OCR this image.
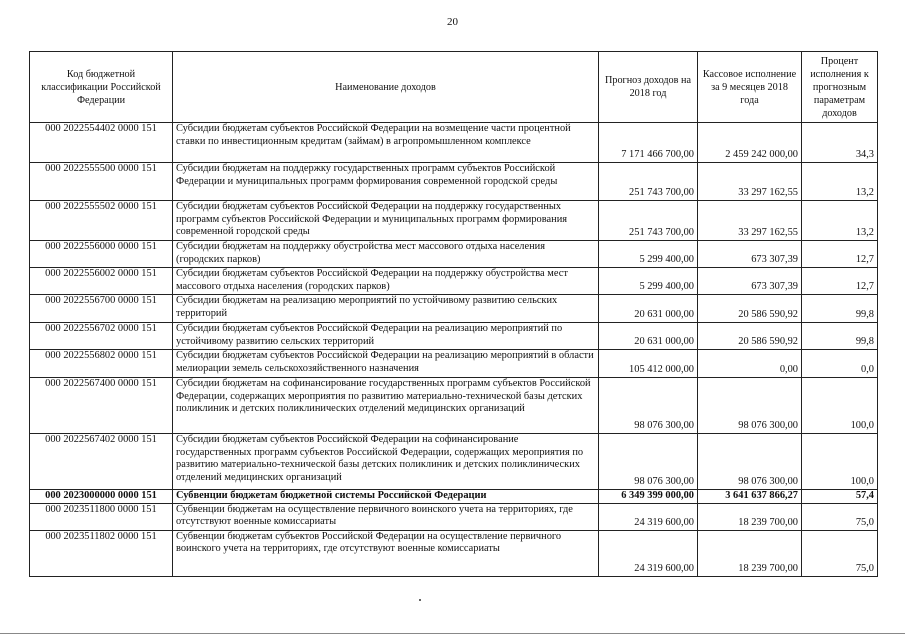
20
Код бюджетной классификации Российской Федерации	Наименование доходов	Прогноз доходов на 2018 год	Кассовое исполнение за 9 месяцев 2018 года	Процент исполнения к прогнозным параметрам доходов
000 2022554402 0000 151	Субсидии бюджетам субъектов Российской Федерации на возмещение части процентной ставки по инвестиционным кредитам (займам) в агропромышленном комплексе	7 171 466 700,00	2 459 242 000,00	34,3
000 2022555500 0000 151	Субсидии бюджетам на поддержку государственных программ субъектов Российской Федерации и муниципальных программ формирования современной городской среды	251 743 700,00	33 297 162,55	13,2
000 2022555502 0000 151	Субсидии бюджетам субъектов Российской Федерации на поддержку государственных программ субъектов Российской Федерации и муниципальных программ формирования современной городской среды	251 743 700,00	33 297 162,55	13,2
000 2022556000 0000 151	Субсидии бюджетам на поддержку обустройства мест массового отдыха населения (городских парков)	5 299 400,00	673 307,39	12,7
000 2022556002 0000 151	Субсидии бюджетам субъектов Российской Федерации на поддержку обустройства мест массового отдыха населения (городских парков)	5 299 400,00	673 307,39	12,7
000 2022556700 0000 151	Субсидии бюджетам на реализацию мероприятий по устойчивому развитию сельских территорий	20 631 000,00	20 586 590,92	99,8
000 2022556702 0000 151	Субсидии бюджетам субъектов Российской Федерации на реализацию мероприятий по устойчивому развитию сельских территорий	20 631 000,00	20 586 590,92	99,8
000 2022556802 0000 151	Субсидии бюджетам субъектов Российской Федерации на реализацию мероприятий в области мелиорации земель сельскохозяйственного назначения	105 412 000,00	0,00	0,0
000 2022567400 0000 151	Субсидии бюджетам на софинансирование государственных программ субъектов Российской Федерации, содержащих мероприятия по развитию материально-технической базы детских поликлиник и детских поликлинических отделений медицинских организаций	98 076 300,00	98 076 300,00	100,0
000 2022567402 0000 151	Субсидии бюджетам субъектов Российской Федерации на софинансирование государственных программ субъектов Российской Федерации, содержащих мероприятия по развитию материально-технической базы детских поликлиник и детских поликлинических отделений медицинских организаций	98 076 300,00	98 076 300,00	100,0
000 2023000000 0000 151	Субвенции бюджетам бюджетной системы Российской Федерации	6 349 399 000,00	3 641 637 866,27	57,4
000 2023511800 0000 151	Субвенции бюджетам на осуществление первичного воинского учета на территориях, где отсутствуют военные комиссариаты	24 319 600,00	18 239 700,00	75,0
000 2023511802 0000 151	Субвенции бюджетам субъектов Российской Федерации на осуществление первичного воинского учета на территориях, где отсутствуют военные комиссариаты	24 319 600,00	18 239 700,00	75,0
